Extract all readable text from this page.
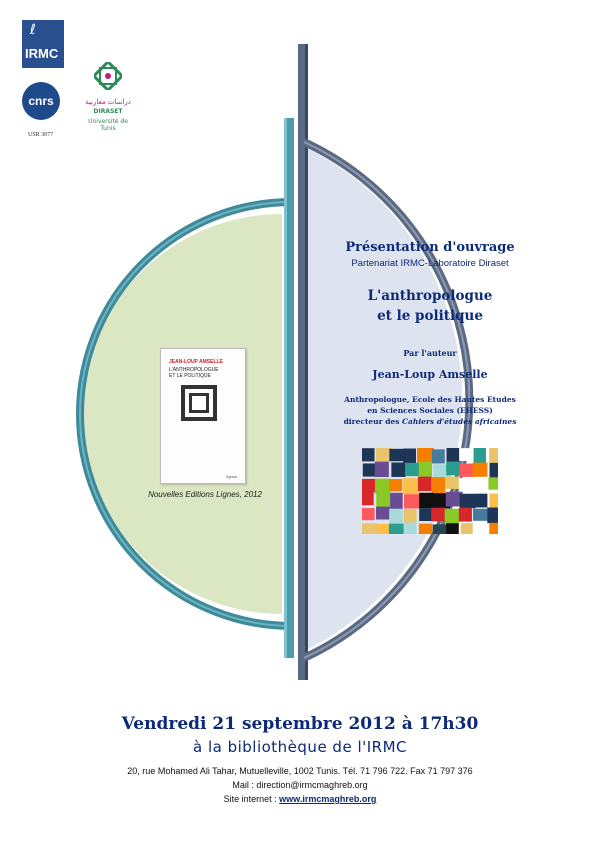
ℓ
IRMC
cnrs
USR 3077
دراسات مغاربية
DIRASET
Université de Tunis
JEAN-LOUP AMSELLE
L'ANTHROPOLOGUE
ET LE POLITIQUE
lignes
Nouvelles Editions Lignes, 2012
Présentation d'ouvrage
Partenariat IRMC-Laboratoire Diraset
L'anthropologue
et le politique
Par l'auteur
Jean-Loup Amselle
Anthropologue, Ecole des Hautes Etudes
en Sciences Sociales (EHESS)
directeur des Cahiers d'études africaines
Vendredi 21 septembre 2012 à 17h30
à la bibliothèque de l'IRMC
20, rue Mohamed Ali Tahar, Mutuelleville, 1002 Tunis. Tél. 71 796 722. Fax 71 797 376
Mail : direction@irmcmaghreb.org
Site internet : www.irmcmaghreb.org
